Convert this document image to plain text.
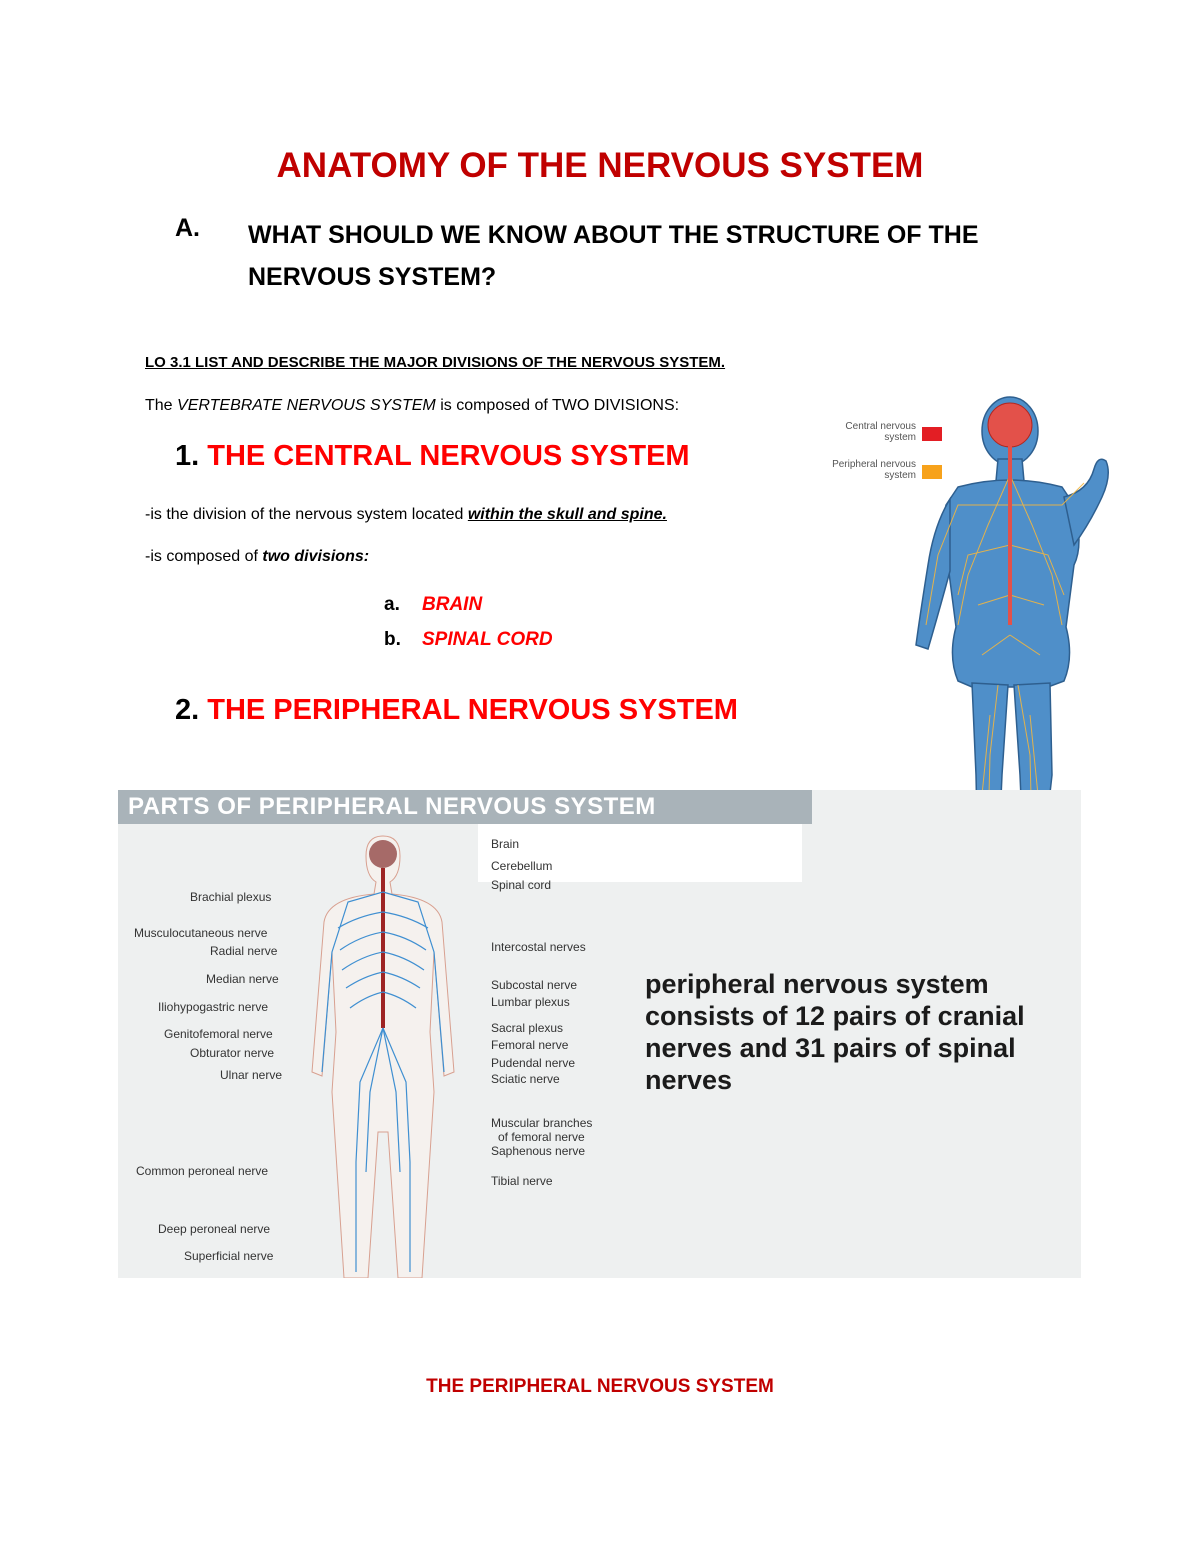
ANATOMY OF THE NERVOUS SYSTEM
A. WHAT SHOULD WE KNOW ABOUT THE STRUCTURE OF THE
NERVOUS SYSTEM?
LO 3.1 LIST AND DESCRIBE THE MAJOR DIVISIONS OF THE NERVOUS SYSTEM.
The VERTEBRATE NERVOUS SYSTEM is composed of TWO DIVISIONS:
1. THE CENTRAL NERVOUS SYSTEM
-is the division of the nervous system located within the skull and spine.
-is composed of two divisions:
a. BRAIN
b. SPINAL CORD
2. THE PERIPHERAL NERVOUS SYSTEM
Central nervous
system
Peripheral nervous
system
PARTS OF PERIPHERAL NERVOUS SYSTEM
Brain
Cerebellum
Spinal cord
Intercostal nerves
Subcostal nerve
Lumbar plexus
Sacral plexus
Femoral nerve
Pudendal nerve
Sciatic nerve
Muscular branches
of femoral nerve
Saphenous nerve
Tibial nerve
Brachial plexus
Musculocutaneous nerve
Radial nerve
Median nerve
Iliohypogastric nerve
Genitofemoral nerve
Obturator nerve
Ulnar nerve
Common peroneal nerve
Deep peroneal nerve
Superficial nerve
peripheral nervous system
consists of 12 pairs of cranial
nerves and 31 pairs of spinal
nerves
THE PERIPHERAL NERVOUS SYSTEM
